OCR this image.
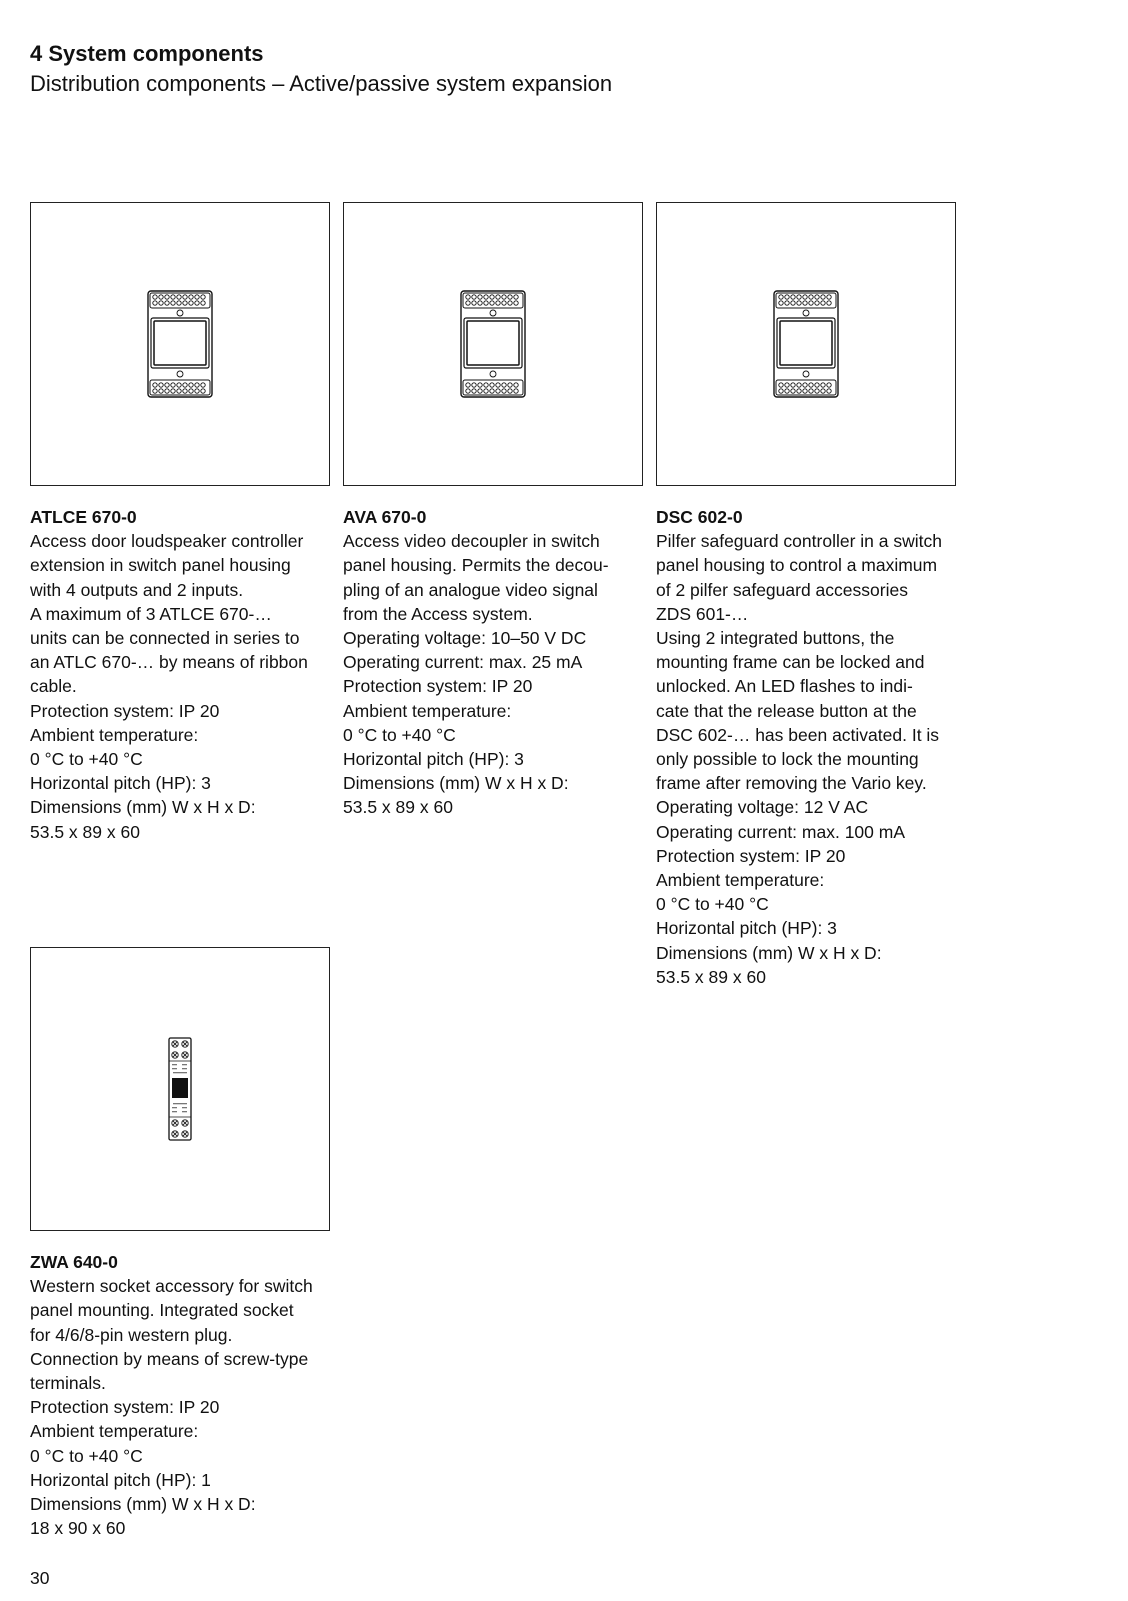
4 System components
Distribution components – Active/passive system expansion
ATLCE 670-0
Access door loudspeaker controller
extension in switch panel housing
with 4 outputs and 2 inputs.
A maximum of 3 ATLCE 670-…
units can be connected in series to
an ATLC 670-… by means of ribbon
cable.
Protection system: IP 20
Ambient temperature:
0 °C to +40 °C
Horizontal pitch (HP): 3
Dimensions (mm) W x H x D:
53.5 x 89 x 60
AVA 670-0
Access video decoupler in switch
panel housing. Permits the decou-
pling of an analogue video signal
from the Access system.
Operating voltage: 10–50 V DC
Operating current: max. 25 mA
Protection system: IP 20
Ambient temperature:
0 °C to +40 °C
Horizontal pitch (HP): 3
Dimensions (mm) W x H x D:
53.5 x 89 x 60
DSC 602-0
Pilfer safeguard controller in a switch
panel housing to control a maximum
of 2 pilfer safeguard accessories
ZDS 601-…
Using 2 integrated buttons, the
mounting frame can be locked and
unlocked. An LED flashes to indi-
cate that the release button at the
DSC 602-… has been activated. It is
only possible to lock the mounting
frame after removing the Vario key.
Operating voltage: 12 V AC
Operating current: max. 100 mA
Protection system: IP 20
Ambient temperature:
0 °C to +40 °C
Horizontal pitch (HP): 3
Dimensions (mm) W x H x D:
53.5 x 89 x 60
ZWA 640-0
Western socket accessory for switch
panel mounting. Integrated socket
for 4/6/8-pin western plug.
Connection by means of screw-type
terminals.
Protection system: IP 20
Ambient temperature:
0 °C to +40 °C
Horizontal pitch (HP): 1
Dimensions (mm) W x H x D:
18 x 90 x 60
30
